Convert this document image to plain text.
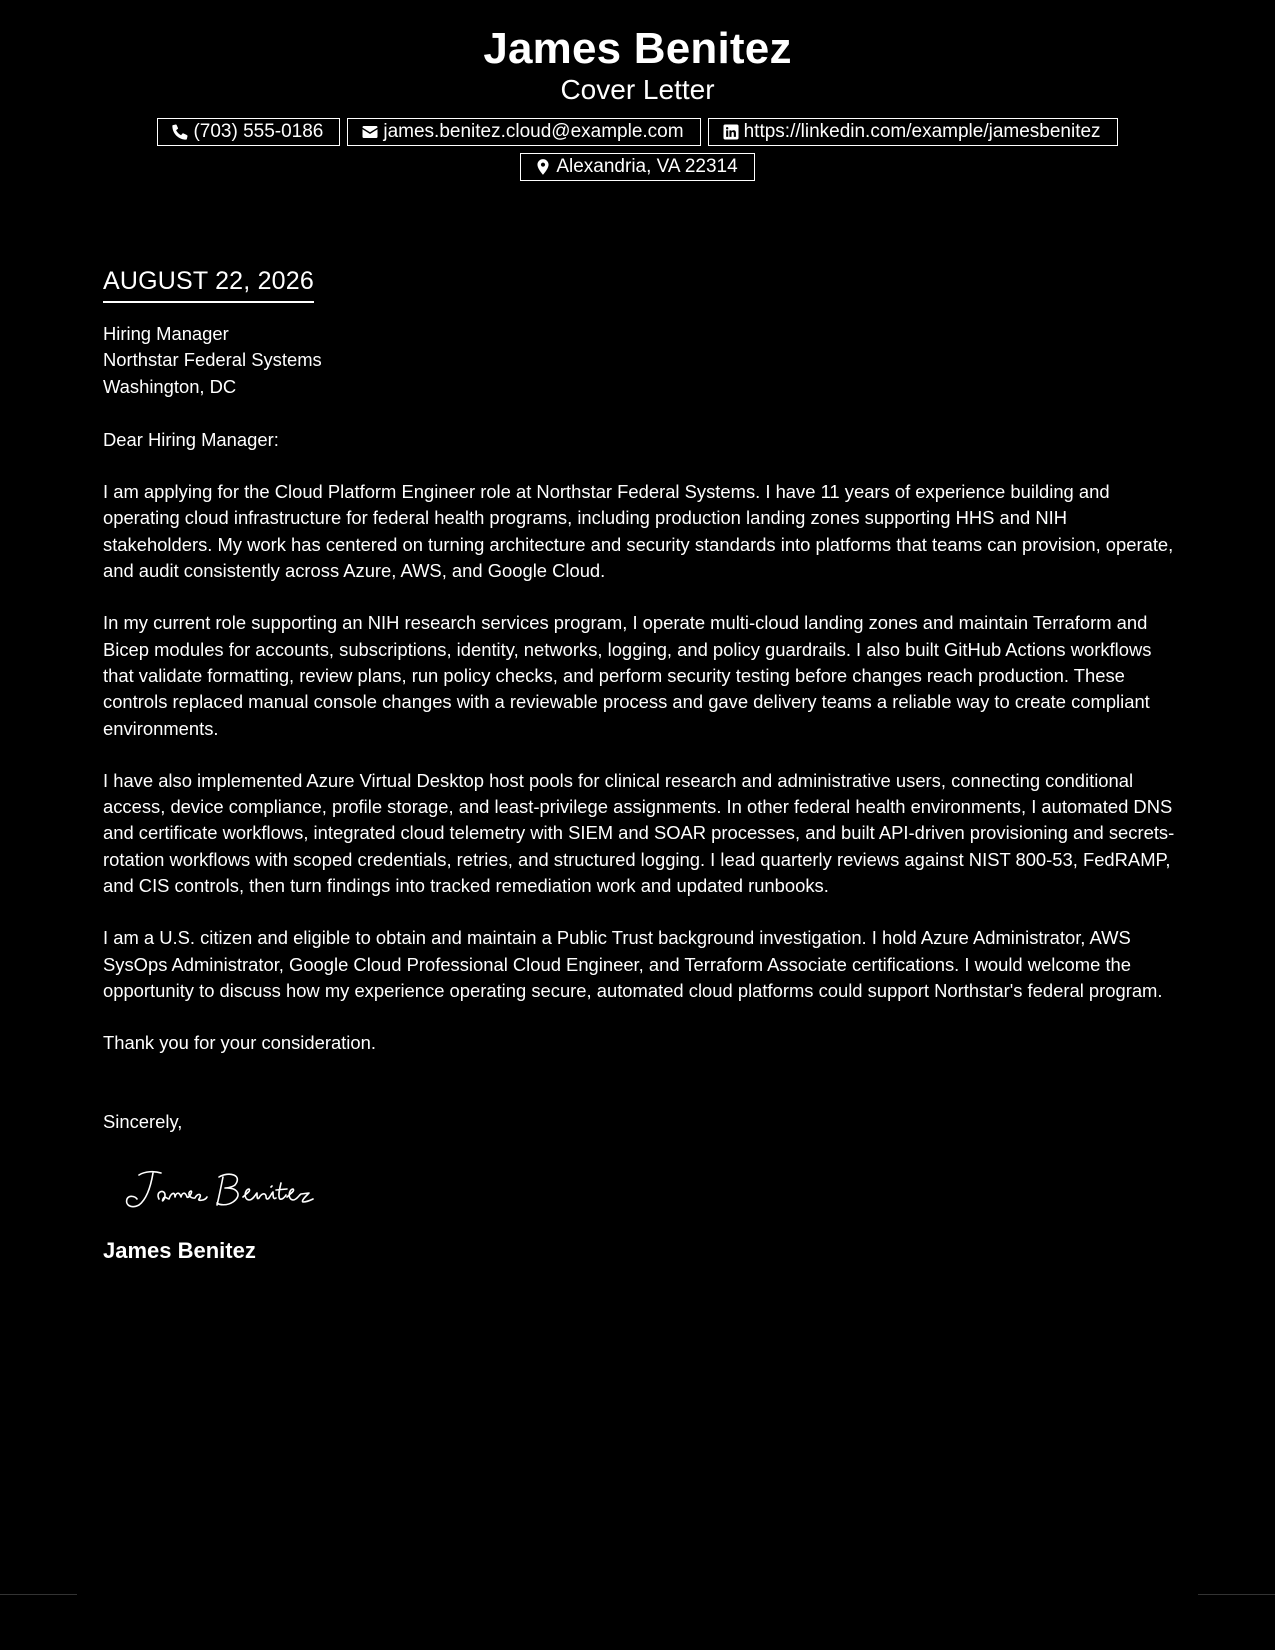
James Benitez
Cover Letter
(703) 555-0186	james.benitez.cloud@example.com	https://linkedin.com/example/jamesbenitez
Alexandria, VA 22314
AUGUST 22, 2026
Hiring Manager
Northstar Federal Systems
Washington, DC
Dear Hiring Manager:
I am applying for the Cloud Platform Engineer role at Northstar Federal Systems. I have 11 years of experience building and operating cloud infrastructure for federal health programs, including production landing zones supporting HHS and NIH stakeholders. My work has centered on turning architecture and security standards into platforms that teams can provision, operate, and audit consistently across Azure, AWS, and Google Cloud.
In my current role supporting an NIH research services program, I operate multi-cloud landing zones and maintain Terraform and Bicep modules for accounts, subscriptions, identity, networks, logging, and policy guardrails. I also built GitHub Actions workflows that validate formatting, review plans, run policy checks, and perform security testing before changes reach production. These controls replaced manual console changes with a reviewable process and gave delivery teams a reliable way to create compliant environments.
I have also implemented Azure Virtual Desktop host pools for clinical research and administrative users, connecting conditional access, device compliance, profile storage, and least-privilege assignments. In other federal health environments, I automated DNS and certificate workflows, integrated cloud telemetry with SIEM and SOAR processes, and built API-driven provisioning and secrets-rotation workflows with scoped credentials, retries, and structured logging. I lead quarterly reviews against NIST 800-53, FedRAMP, and CIS controls, then turn findings into tracked remediation work and updated runbooks.
I am a U.S. citizen and eligible to obtain and maintain a Public Trust background investigation. I hold Azure Administrator, AWS SysOps Administrator, Google Cloud Professional Cloud Engineer, and Terraform Associate certifications. I would welcome the opportunity to discuss how my experience operating secure, automated cloud platforms could support Northstar's federal program.
Thank you for your consideration.
Sincerely,
James Benitez
